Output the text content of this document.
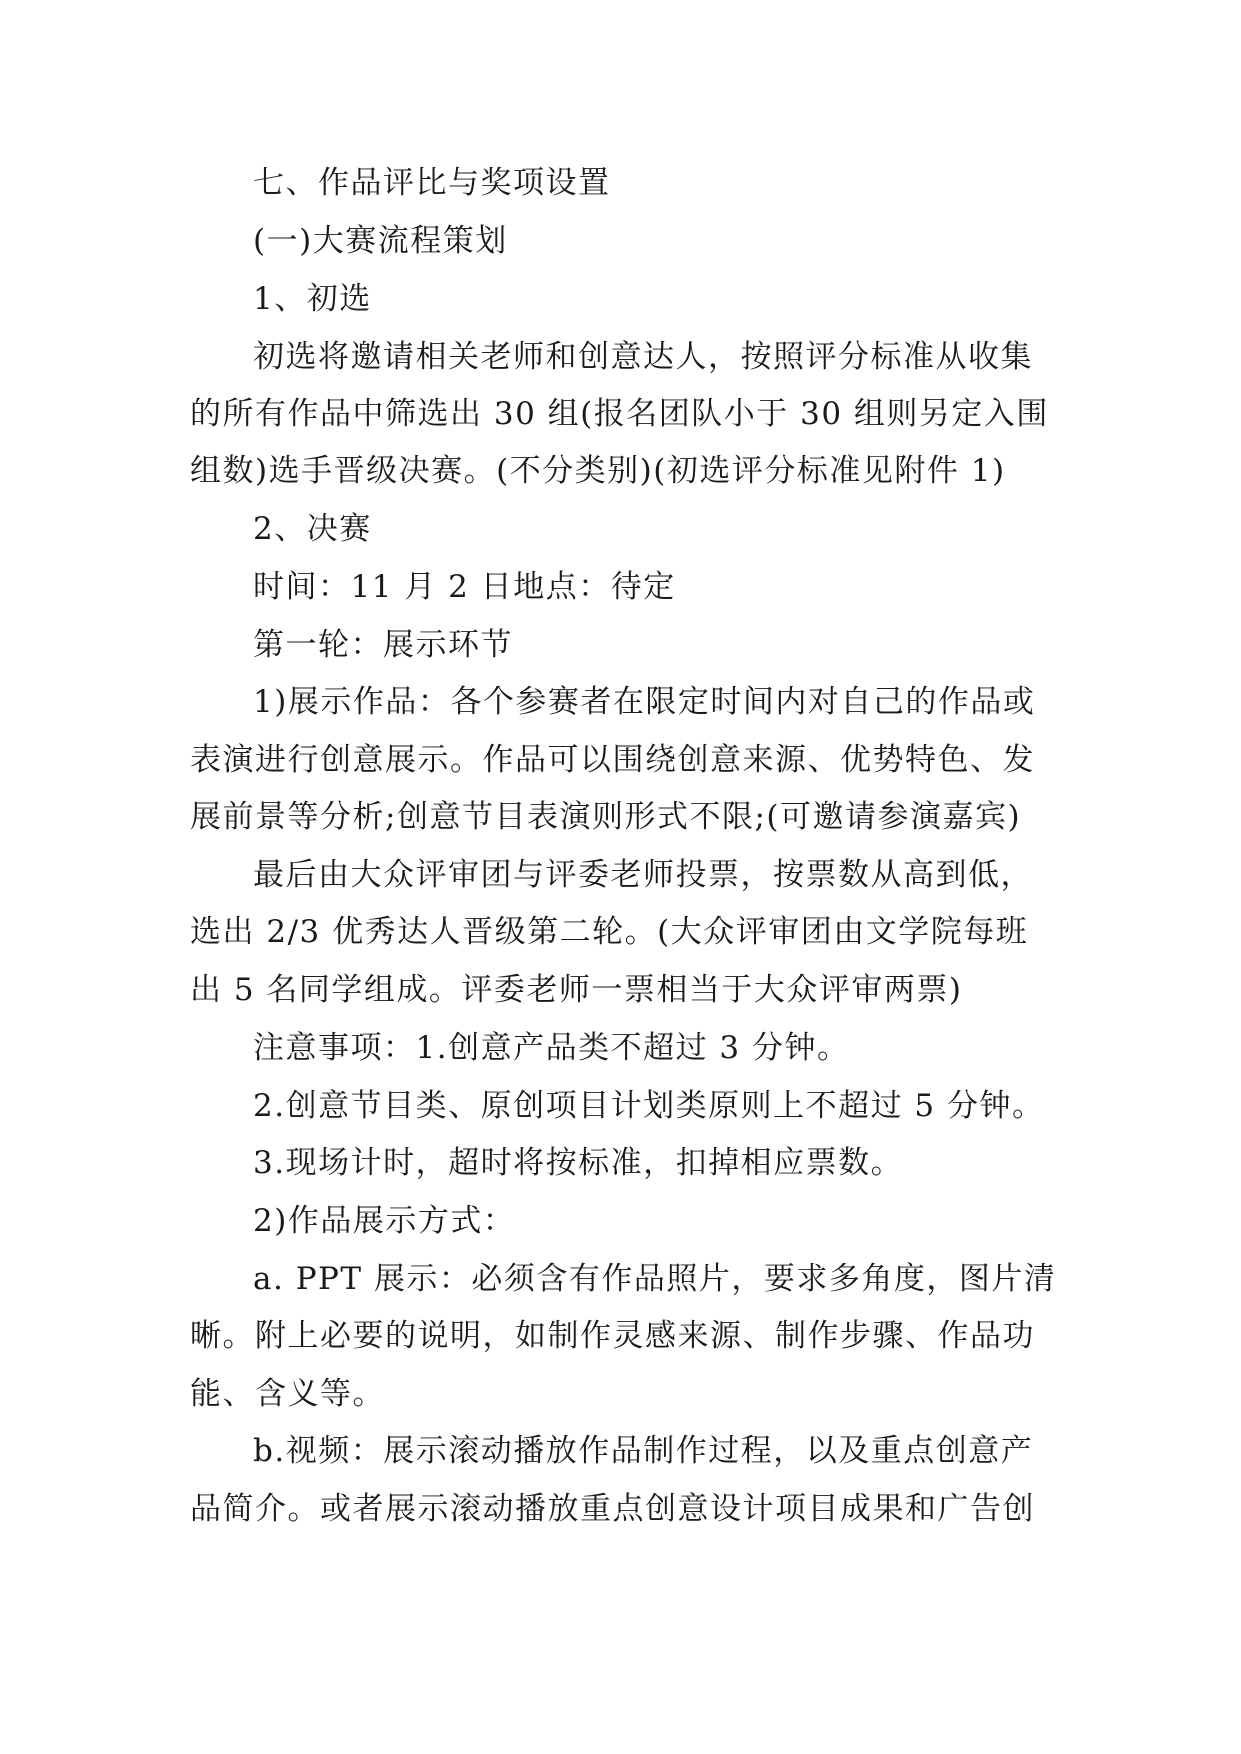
七、作品评比与奖项设置
(一)大赛流程策划
1、初选
初选将邀请相关老师和创意达人，按照评分标准从收集
的所有作品中筛选出 30 组(报名团队小于 30 组则另定入围
组数)选手晋级决赛。(不分类别)(初选评分标准见附件 1)
2、决赛
时间：11 月 2 日地点：待定
第一轮：展示环节
1)展示作品：各个参赛者在限定时间内对自己的作品或
表演进行创意展示。作品可以围绕创意来源、优势特色、发
展前景等分析;创意节目表演则形式不限;(可邀请参演嘉宾)
最后由大众评审团与评委老师投票，按票数从高到低，
选出 2/3 优秀达人晋级第二轮。(大众评审团由文学院每班
出 5 名同学组成。评委老师一票相当于大众评审两票)
注意事项：1.创意产品类不超过 3 分钟。
2.创意节目类、原创项目计划类原则上不超过 5 分钟。
3.现场计时，超时将按标准，扣掉相应票数。
2)作品展示方式：
a. PPT 展示：必须含有作品照片，要求多角度，图片清
晰。附上必要的说明，如制作灵感来源、制作步骤、作品功
能、含义等。
b.视频：展示滚动播放作品制作过程，以及重点创意产
品简介。或者展示滚动播放重点创意设计项目成果和广告创
